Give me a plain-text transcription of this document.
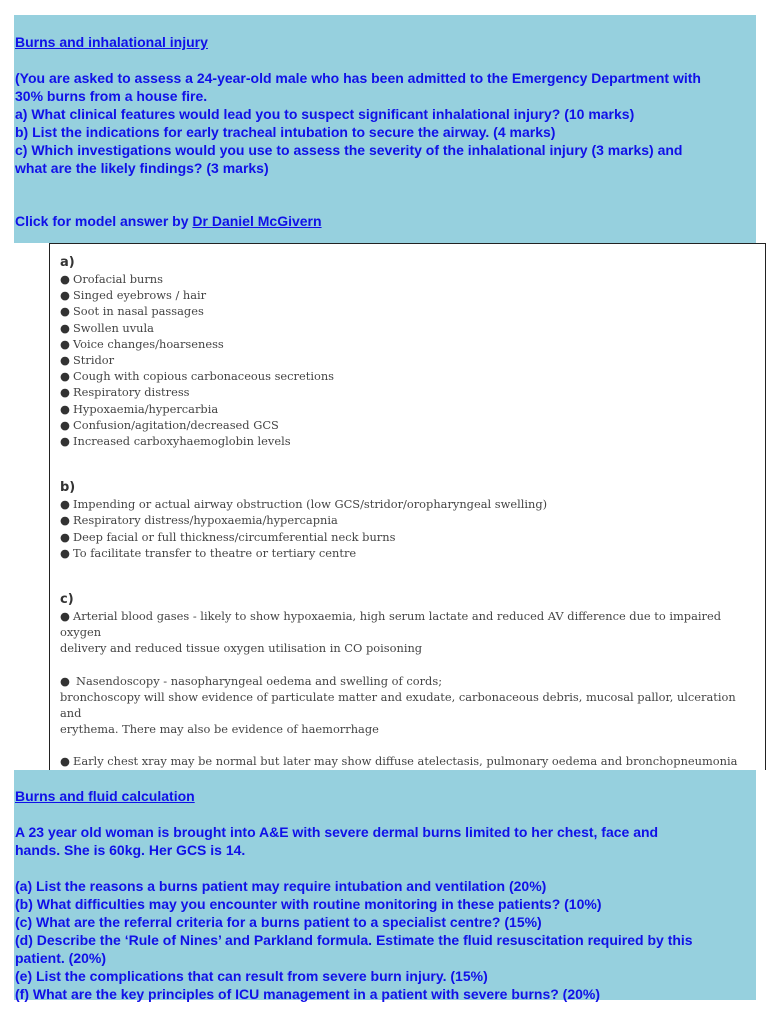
Burns and inhalational injury
(You are asked to assess a 24-year-old male who has been admitted to the Emergency Department with
30% burns from a house fire.
a) What clinical features would lead you to suspect significant inhalational injury? (10 marks)
b) List the indications for early tracheal intubation to secure the airway. (4 marks)
c) Which investigations would you use to assess the severity of the inhalational injury (3 marks) and
what are the likely findings? (3 marks)
Click for model answer by Dr Daniel McGivern
a)
● Orofacial burns
● Singed eyebrows / hair
● Soot in nasal passages
● Swollen uvula
● Voice changes/hoarseness
● Stridor
● Cough with copious carbonaceous secretions
● Respiratory distress
● Hypoxaemia/hypercarbia
● Confusion/agitation/decreased GCS
● Increased carboxyhaemoglobin levels
b)
● Impending or actual airway obstruction (low GCS/stridor/oropharyngeal swelling)
● Respiratory distress/hypoxaemia/hypercapnia
● Deep facial or full thickness/circumferential neck burns
● To facilitate transfer to theatre or tertiary centre
c)
● Arterial blood gases - likely to show hypoxaemia, high serum lactate and reduced AV difference due to impaired oxygen
delivery and reduced tissue oxygen utilisation in CO poisoning
● Nasendoscopy - nasopharyngeal oedema and swelling of cords;
bronchoscopy will show evidence of particulate matter and exudate, carbonaceous debris, mucosal pallor, ulceration and
erythema. There may also be evidence of haemorrhage
● Early chest xray may be normal but later may show diffuse atelectasis, pulmonary oedema and bronchopneumonia
Burns and fluid calculation
A 23 year old woman is brought into A&E with severe dermal burns limited to her chest, face and
hands. She is 60kg. Her GCS is 14.
(a) List the reasons a burns patient may require intubation and ventilation (20%)
(b) What difficulties may you encounter with routine monitoring in these patients? (10%)
(c) What are the referral criteria for a burns patient to a specialist centre? (15%)
(d) Describe the ‘Rule of Nines’ and Parkland formula. Estimate the fluid resuscitation required by this
patient. (20%)
(e) List the complications that can result from severe burn injury. (15%)
(f) What are the key principles of ICU management in a patient with severe burns? (20%)
